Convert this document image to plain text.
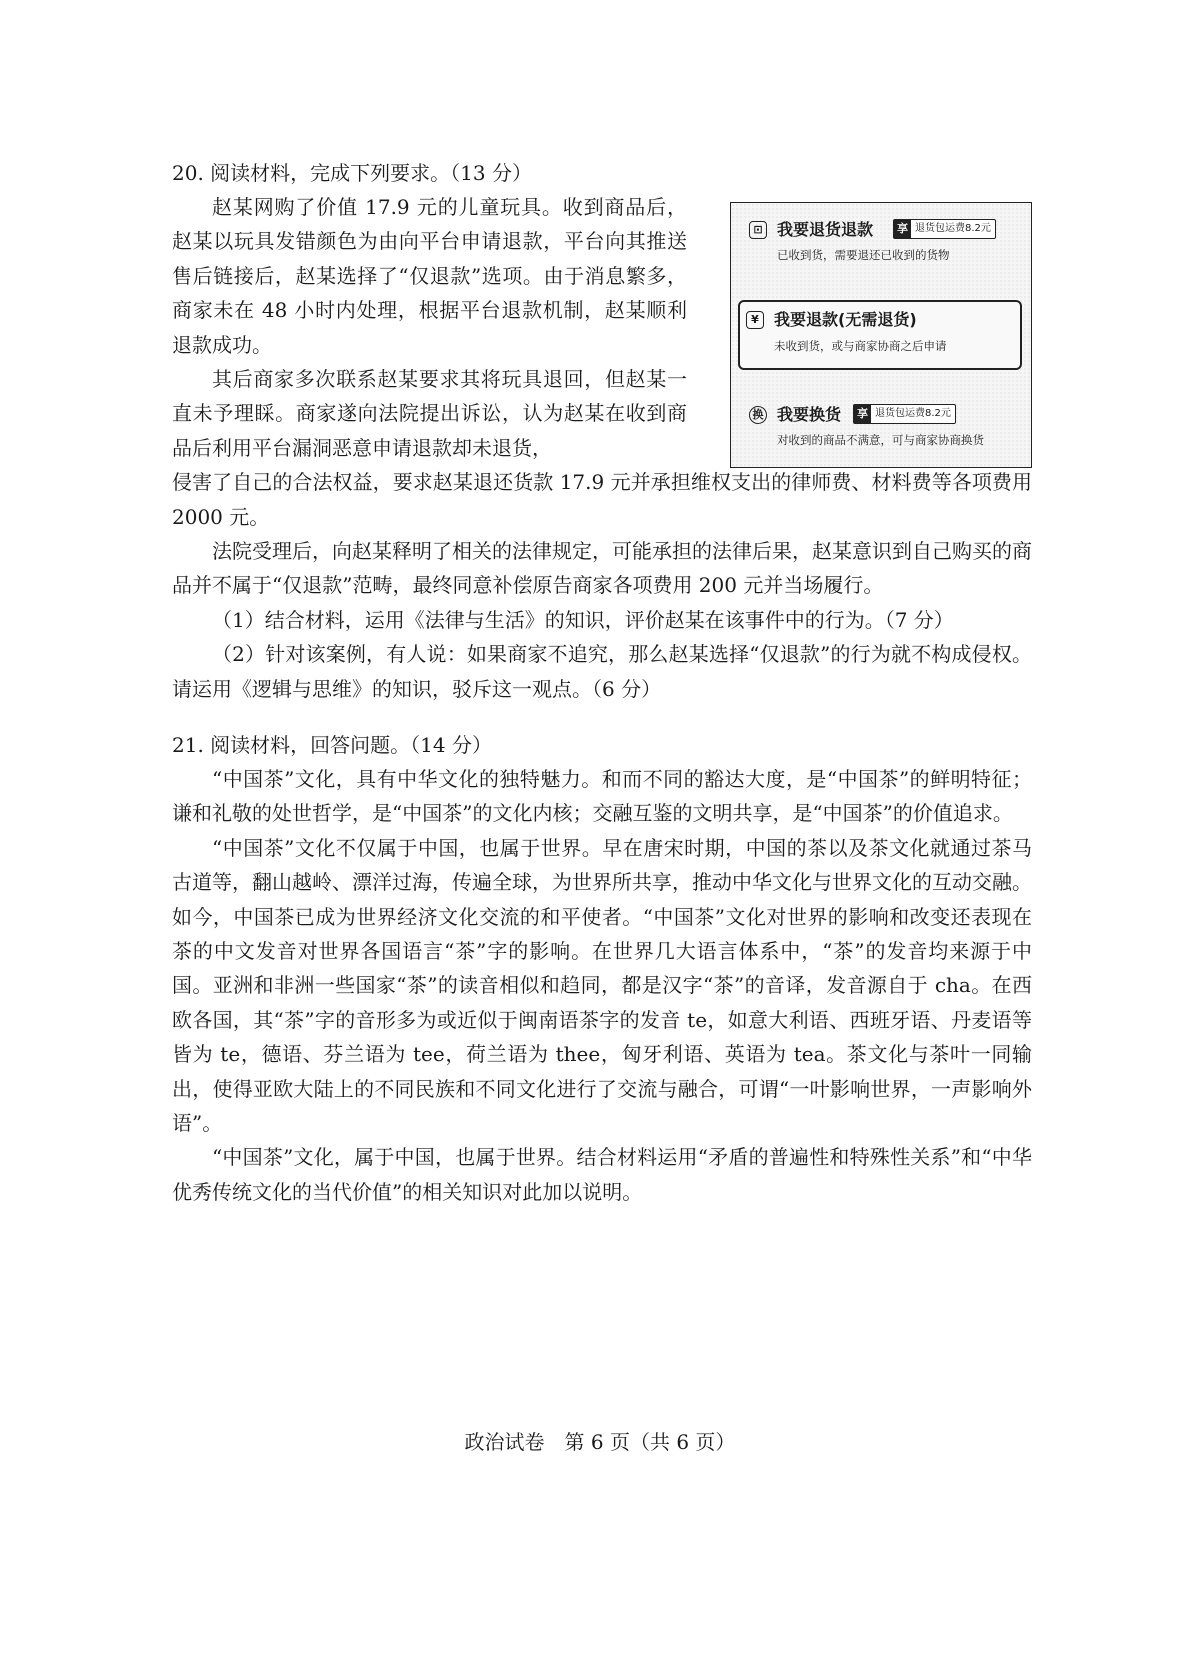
20. 阅读材料，完成下列要求。（13 分）

赵某网购了价值 17.9 元的儿童玩具。收到商品后，赵某以玩具发错颜色为由向平台申请退款，平台向其推送售后链接后，赵某选择了“仅退款”选项。由于消息繁多，商家未在 48 小时内处理，根据平台退款机制，赵某顺利退款成功。

其后商家多次联系赵某要求其将玩具退回，但赵某一直未予理睬。商家遂向法院提出诉讼，认为赵某在收到商品后利用平台漏洞恶意申请退款却未退货，

侵害了自己的合法权益，要求赵某退还货款 17.9 元并承担维权支出的律师费、材料费等各项费用 2000 元。

法院受理后，向赵某释明了相关的法律规定，可能承担的法律后果，赵某意识到自己购买的商品并不属于“仅退款”范畴，最终同意补偿原告商家各项费用 200 元并当场履行。

（1）结合材料，运用《法律与生活》的知识，评价赵某在该事件中的行为。（7 分）

（2）针对该案例，有人说：如果商家不追究，那么赵某选择“仅退款”的行为就不构成侵权。请运用《逻辑与思维》的知识，驳斥这一观点。（6 分）

⊡ 我要退货退款 享 退货包运费8.2元
已收到货，需要退还已收到的货物
¥ 我要退款(无需退货)
未收到货，或与商家协商之后申请
换 我要换货 享 退货包运费8.2元
对收到的商品不满意，可与商家协商换货

21. 阅读材料，回答问题。（14 分）

“中国茶”文化，具有中华文化的独特魅力。和而不同的豁达大度，是“中国茶”的鲜明特征；谦和礼敬的处世哲学，是“中国茶”的文化内核；交融互鉴的文明共享，是“中国茶”的价值追求。

“中国茶”文化不仅属于中国，也属于世界。早在唐宋时期，中国的茶以及茶文化就通过茶马古道等，翻山越岭、漂洋过海，传遍全球，为世界所共享，推动中华文化与世界文化的互动交融。如今，中国茶已成为世界经济文化交流的和平使者。“中国茶”文化对世界的影响和改变还表现在茶的中文发音对世界各国语言“茶”字的影响。在世界几大语言体系中，“茶”的发音均来源于中国。亚洲和非洲一些国家“茶”的读音相似和趋同，都是汉字“茶”的音译，发音源自于 cha。在西欧各国，其“茶”字的音形多为或近似于闽南语茶字的发音 te，如意大利语、西班牙语、丹麦语等皆为 te，德语、芬兰语为 tee，荷兰语为 thee，匈牙利语、英语为 tea。茶文化与茶叶一同输出，使得亚欧大陆上的不同民族和不同文化进行了交流与融合，可谓“一叶影响世界，一声影响外语”。

“中国茶”文化，属于中国，也属于世界。结合材料运用“矛盾的普遍性和特殊性关系”和“中华优秀传统文化的当代价值”的相关知识对此加以说明。

政治试卷　第 6 页（共 6 页）
